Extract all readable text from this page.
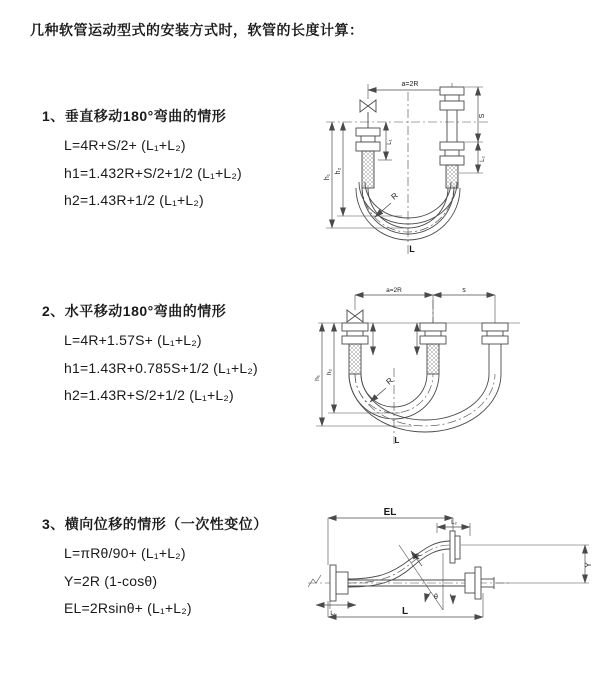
几种软管运动型式的安装方式时，软管的长度计算：
1、垂直移动180°弯曲的情形
L=4R+S/2+ (L₁+L₂)
h1=1.432R+S/2+1/2 (L₁+L₂)
h2=1.43R+1/2 (L₁+L₂)
2、水平移动180°弯曲的情形
L=4R+1.57S+ (L₁+L₂)
h1=1.43R+0.785S+1/2 (L₁+L₂)
h2=1.43R+S/2+1/2 (L₁+L₂)
3、横向位移的情形（一次性变位）
L=πRθ/90+ (L₁+L₂)
Y=2R (1-cosθ)
EL=2Rsinθ+ (L₁+L₂)
a=2R
R
h₁
h₂
L₁
S
L₂
L
a=2R	s
R
h₁
h₂
L
EL
L₂
θ
R
Y
L₁	L
